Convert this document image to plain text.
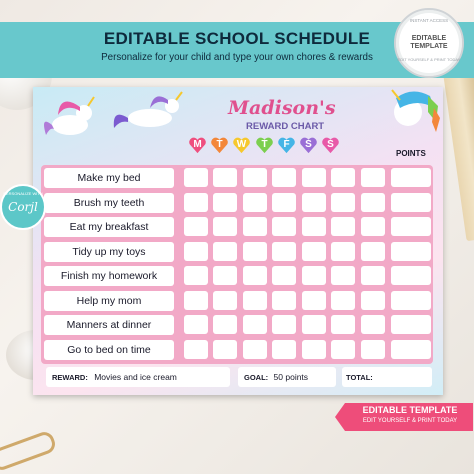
EDITABLE SCHOOL SCHEDULE
Personalize for your child and type your own chores & rewards
INSTANT ACCESS
EDITABLE
TEMPLATE
EDIT YOURSELF & PRINT TODAY
Madison's
REWARD CHART
M	T	W	T	F	S	S
POINTS
Make my bed
Brush my teeth
Eat my breakfast
Tidy up my toys
Finish my homework
Help my mom
Manners at dinner
Go to bed on time
REWARD: Movies and ice cream	GOAL: 50 points	TOTAL:
PERSONALIZE WITH
Corjl
EDITABLE TEMPLATE
EDIT YOURSELF & PRINT TODAY
